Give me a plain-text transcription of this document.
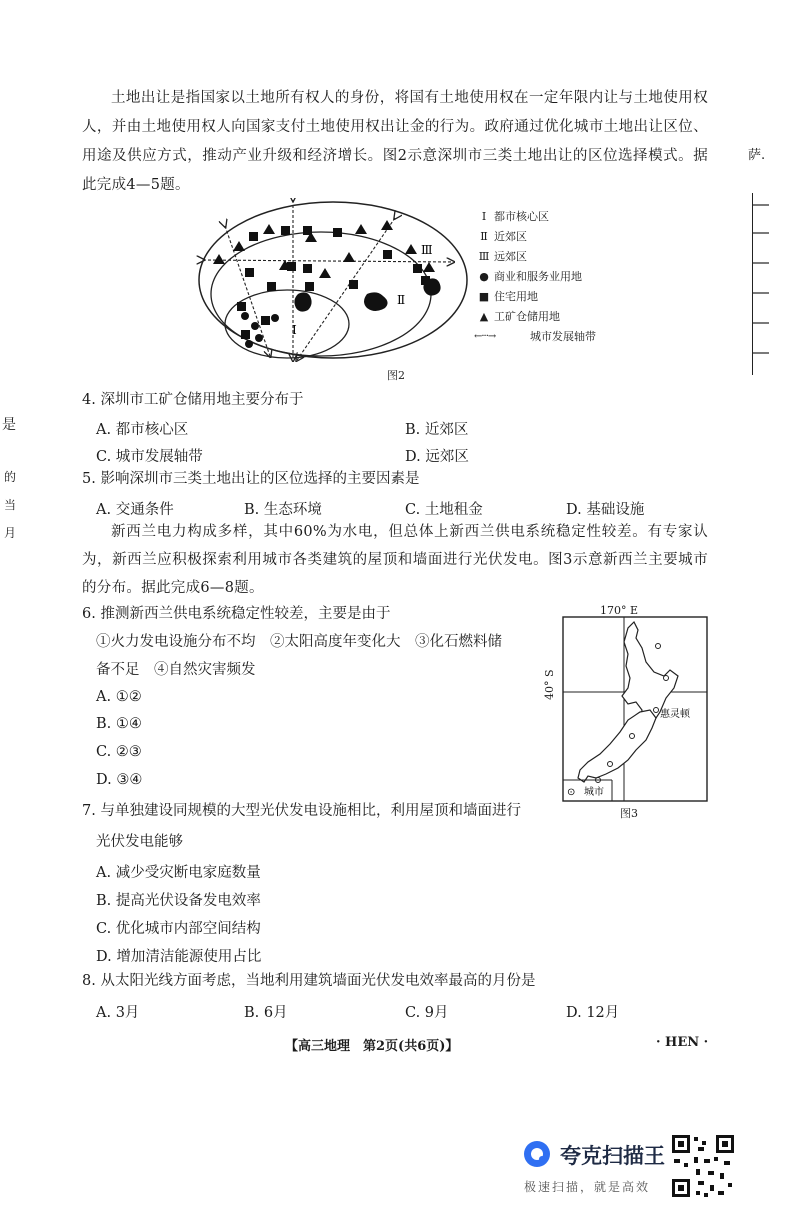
土地出让是指国家以土地所有权人的身份，将国有土地使用权在一定年限内让与土地使用权人，并由土地使用权人向国家支付土地使用权出让金的行为。政府通过优化城市土地出让区位、用途及供应方式，推动产业升级和经济增长。图2示意深圳市三类土地出让的区位选择模式。据此完成4—5题。
萨.
是
的
当
月
Ⅰ
Ⅱ
Ⅲ
Ⅰ 都市核心区
Ⅱ 近郊区
Ⅲ 远郊区
● 商业和服务业用地
■ 住宅用地
▲ 工矿仓储用地
←···→	城市发展轴带
图2
4. 深圳市工矿仓储用地主要分布于
A. 都市核心区	B. 近郊区
C. 城市发展轴带	D. 远郊区
5. 影响深圳市三类土地出让的区位选择的主要因素是
A. 交通条件	B. 生态环境	C. 土地租金	D. 基础设施
新西兰电力构成多样，其中60%为水电，但总体上新西兰供电系统稳定性较差。有专家认为，新西兰应积极探索利用城市各类建筑的屋顶和墙面进行光伏发电。图3示意新西兰主要城市的分布。据此完成6—8题。
6. 推测新西兰供电系统稳定性较差，主要是由于
①火力发电设施分布不均　②太阳高度年变化大　③化石燃料储
备不足　④自然灾害频发
A. ①②
B. ①④
C. ②③
D. ③④
170° E
40° S
惠灵顿
⊙ 城市
图3
7. 与单独建设同规模的大型光伏发电设施相比，利用屋顶和墙面进行
光伏发电能够
A. 减少受灾断电家庭数量
B. 提高光伏设备发电效率
C. 优化城市内部空间结构
D. 增加清洁能源使用占比
8. 从太阳光线方面考虑，当地利用建筑墙面光伏发电效率最高的月份是
A. 3月	B. 6月	C. 9月	D. 12月
【高三地理　第2页(共6页)】	· HEN ·
夸克扫描王
极速扫描，就是高效
